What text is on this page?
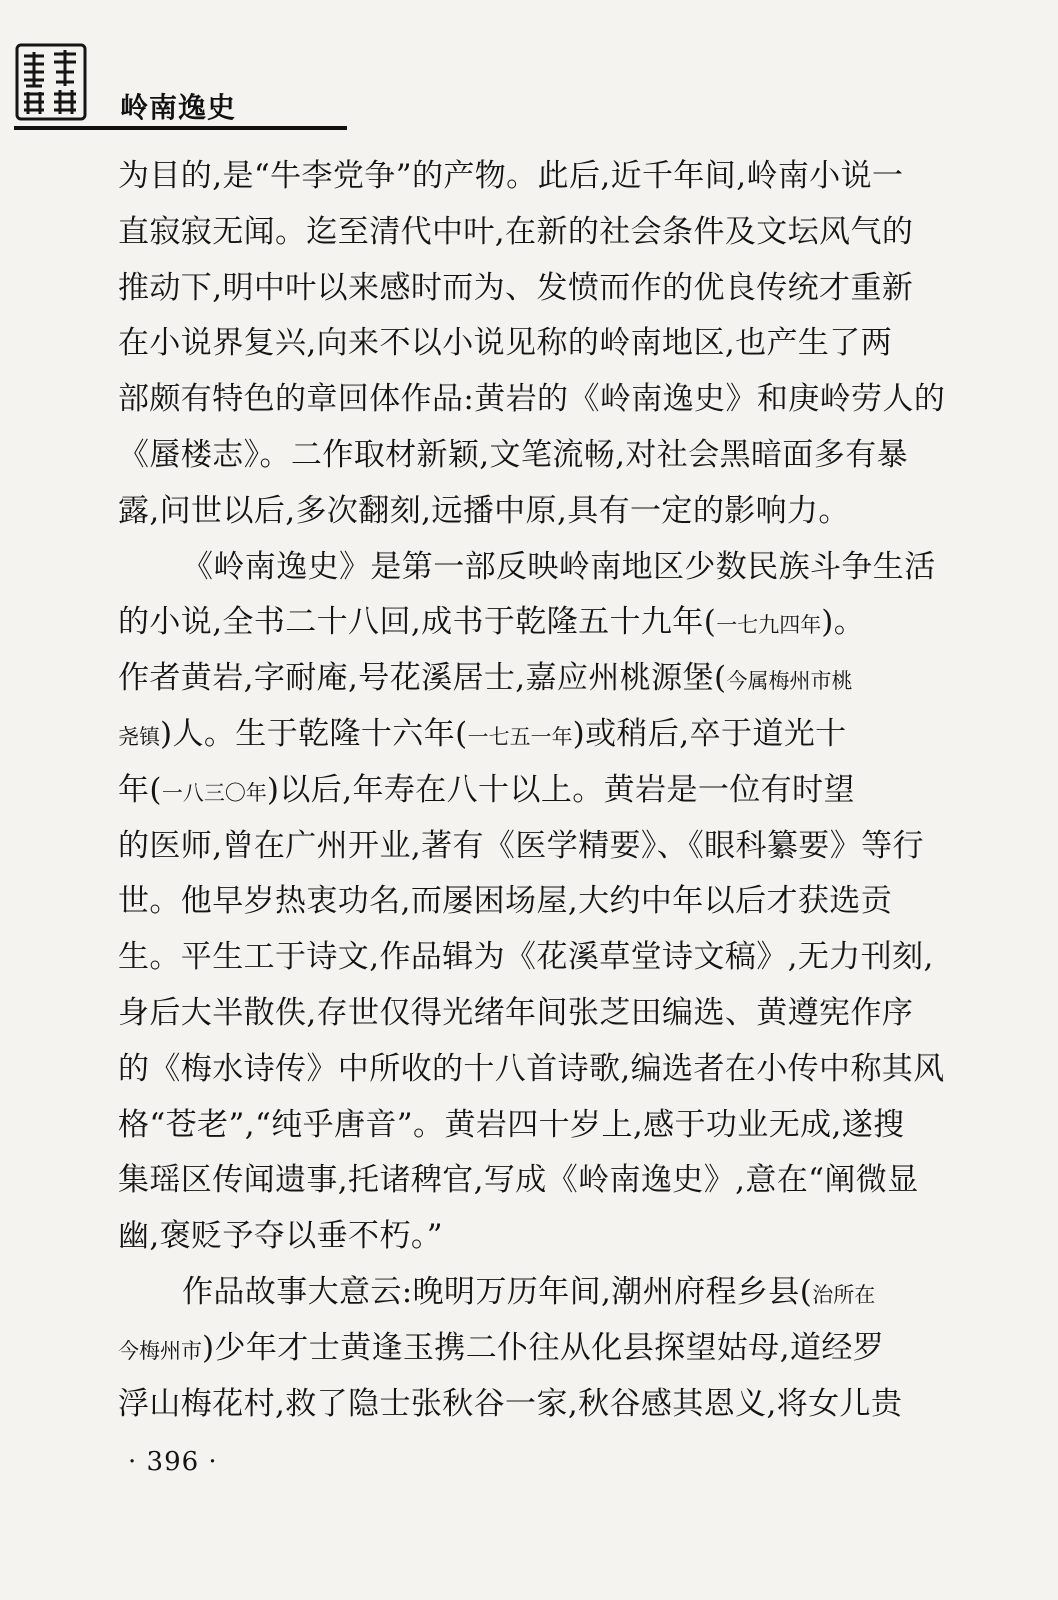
岭南逸史
为目的,是“牛李党争”的产物。此后,近千年间,岭南小说一
直寂寂无闻。迄至清代中叶,在新的社会条件及文坛风气的
推动下,明中叶以来感时而为、发愤而作的优良传统才重新
在小说界复兴,向来不以小说见称的岭南地区,也产生了两
部颇有特色的章回体作品:黄岩的《岭南逸史》和庚岭劳人的
《蜃楼志》。二作取材新颖,文笔流畅,对社会黑暗面多有暴
露,问世以后,多次翻刻,远播中原,具有一定的影响力。
《岭南逸史》是第一部反映岭南地区少数民族斗争生活
的小说,全书二十八回,成书于乾隆五十九年(一七九四年)。
作者黄岩,字耐庵,号花溪居士,嘉应州桃源堡(今属梅州市桃
尧镇)人。生于乾隆十六年(一七五一年)或稍后,卒于道光十
年(一八三〇年)以后,年寿在八十以上。黄岩是一位有时望
的医师,曾在广州开业,著有《医学精要》、《眼科纂要》等行
世。他早岁热衷功名,而屡困场屋,大约中年以后才获选贡
生。平生工于诗文,作品辑为《花溪草堂诗文稿》,无力刊刻,
身后大半散佚,存世仅得光绪年间张芝田编选、黄遵宪作序
的《梅水诗传》中所收的十八首诗歌,编选者在小传中称其风
格“苍老”,“纯乎唐音”。黄岩四十岁上,感于功业无成,遂搜
集瑶区传闻遗事,托诸稗官,写成《岭南逸史》,意在“阐微显
幽,褒贬予夺以垂不朽。”
作品故事大意云:晚明万历年间,潮州府程乡县(治所在
今梅州市)少年才士黄逢玉携二仆往从化县探望姑母,道经罗
浮山梅花村,救了隐士张秋谷一家,秋谷感其恩义,将女儿贵
· 396 ·
